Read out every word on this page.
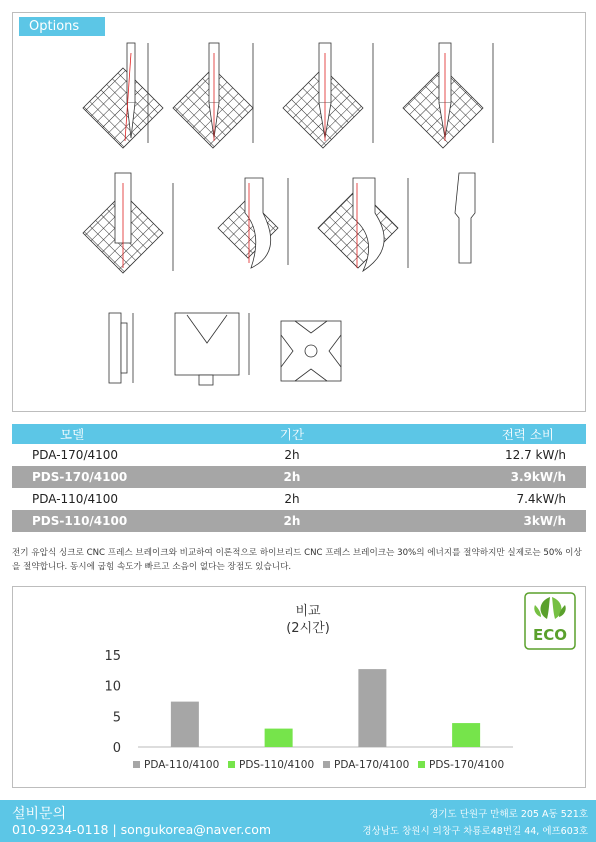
Options
모델	기간	전력 소비
PDA-170/4100	2h	12.7 kW/h
PDS-170/4100	2h	3.9kW/h
PDA-110/4100	2h	7.4kW/h
PDS-110/4100	2h	3kW/h

전기 유압식 싱크로 CNC 프레스 브레이크와 비교하여 이론적으로 하이브리드 CNC 프레스 브레이크는 30%의 에너지를 절약하지만 실제로는 50% 이상을 절약합니다. 동시에 굽힘 속도가 빠르고 소음이 없다는 장점도 있습니다.

비교
(2시간)
0
5
10
15
PDA-110/4100 PDS-110/4100 PDA-170/4100 PDS-170/4100
ECO
설비문의
010-9234-0118 | songukorea@naver.com
경기도 단원구 만해로 205 A동 521호
경상남도 창원시 의창구 차룡로48번길 44, 에프603호
